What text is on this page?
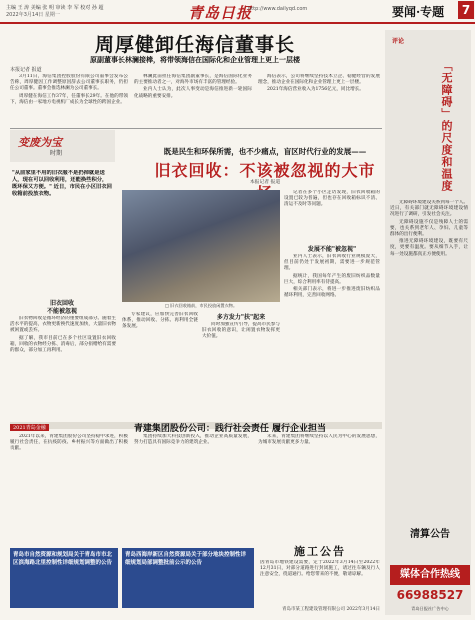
主编 王 涛 美编 张 明 审读 李 军 校对 孙 超
2022年3月14日 星期一	青岛日报
http://www.dailyqd.com	要闻·专题	7
周厚健卸任海信董事长
原副董事长林澜接棒，将带领海信在国际化和企业管理上更上一层楼
本报记者 报道

3月11日，海信集团控股股份有限公司董事会发布公告称，周厚健因工作调整原因辞去公司董事长职务，仍担任公司董事。董事会推选林澜为公司董事长。

周厚健在海信工作37年，任董事长29年。在他的带领下，海信由一家地方电视机厂成长为全球性的跨国企业。

林澜此前担任海信集团副董事长，是海信国际化业务的主要推动者之一，对海外市场有丰富的管理经验。

业内人士认为，此次人事变动是海信推进新一轮国际化战略的重要安排。

海信表示，公司将继续坚持技术立企、稳健经营的发展理念，推动企业在国际化和企业管理上更上一层楼。

2021年海信营业收入为1756亿元，同比增长。

变废为宝
时期
"从前家里不用的旧衣服不是扔掉就是送人，现在可以回收利用，还能换些积分，既环保又方便。" 近日，市民在小区旧衣回收箱前投放衣物。
旧衣回收
不能被忽视

旧衣物回收是循环经济的重要组成部分。随着生活水平的提高，衣物更新换代速度加快，大量旧衣物被闲置或丢弃。

据了解，我市目前已在多个社区设置旧衣回收箱，回收的衣物经分拣、消毒后，部分捐赠给有需要的群众，部分加工再利用。

既是民生和环保所需，也不少痛点，盲区时代行业的发展——
旧衣回收：不该被忽视的大市
本报记者 报道
□ 旧衣回收箱前，市民投放闲置衣物。

记者在多个小区走访发现，旧衣回收箱的设置已较为普遍，但也存在回收箱标识不清、清运不及时等问题。

发展不能"被忽视"

业内人士表示，旧衣回收行业规模庞大，但目前仍处于发展初期，需要进一步规范管理。

据统计，我国每年产生的废旧纺织品数量巨大，综合利用率有待提高。

相关部门表示，将进一步推进废旧纺织品循环利用，完善回收网络。

专家建议，应加快完善旧衣回收体系，推动回收、分拣、再利用全链条发展。

多方发力"扶"起来

同时加强宣传引导，提高市民参与旧衣回收的意识，让闲置衣物发挥更大价值。

评论
「无障碍」的尺度和温度

无障碍环境建设关系到每一个人。近日，有关部门就无障碍环境建设情况进行了调研，引发社会关注。

无障碍设施不仅是残障人士的需要，也关系到老年人、孕妇、儿童等群体的出行便利。

推进无障碍环境建设，既要有尺度，更要有温度。要从细节入手，让每一处设施都真正方便使用。

2021青岛金融	青建集团股份公司：践行社会责任 履行企业担当

2021年以来，青建集团股份公司坚持稳中求进，积极履行社会责任，在抗疫防疫、乡村振兴等方面做出了积极贡献。

集团持续加大科技创新投入，推动企业高质量发展，努力打造具有国际竞争力的建筑企业。

未来，青建集团将继续坚持以人民为中心的发展思想，为城市发展贡献更多力量。

青岛市自然资源和规划局关于青岛市市北区滨海路北里控制性详细规划调整的公告
青岛西海岸新区自然资源局关于部分地块控制性详细规划局部调整批前公示的公告
施工公告
因青岛市地铁建设需要，定于2022年3月14日至2022年12月31日，对部分道路进行封闭施工，请过往车辆及行人注意安全，绕道通行。给您带来的不便，敬请谅解。
青岛市某工程建设管理有限公司 2022年3月14日
清算公告
媒体合作热线
66988527
青岛日报社广告中心
